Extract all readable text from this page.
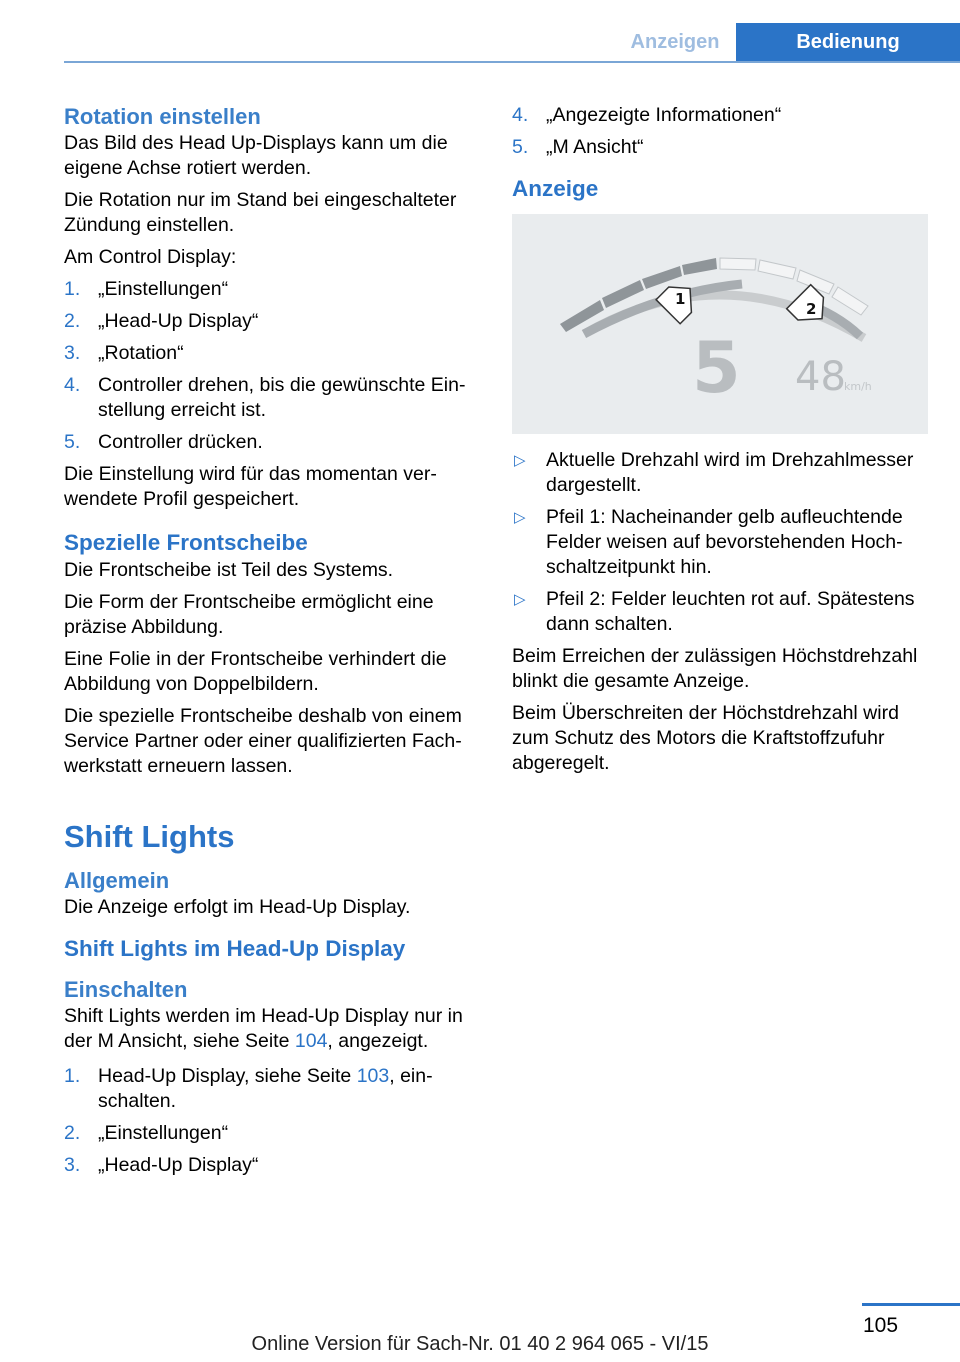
Anzeigen	Bedienung
Rotation einstellen

Das Bild des Head Up-Displays kann um die eigene Achse rotiert werden.

Die Rotation nur im Stand bei eingeschalteter Zündung einstellen.

Am Control Display:

1. „Einstellungen“
2. „Head-Up Display“
3. „Rotation“
4. Controller drehen, bis die gewünschte Einstellung erreicht ist.
5. Controller drücken.

Die Einstellung wird für das momentan verwendete Profil gespeichert.

Spezielle Frontscheibe

Die Frontscheibe ist Teil des Systems.

Die Form der Frontscheibe ermöglicht eine präzise Abbildung.

Eine Folie in der Frontscheibe verhindert die Abbildung von Doppelbildern.

Die spezielle Frontscheibe deshalb von einem Service Partner oder einer qualifizierten Fachwerkstatt erneuern lassen.

Shift Lights
Allgemein

Die Anzeige erfolgt im Head-Up Display.

Shift Lights im Head-Up Display
Einschalten

Shift Lights werden im Head-Up Display nur in der M Ansicht, siehe Seite 104, angezeigt.

1. Head-Up Display, siehe Seite 103, einschalten.
2. „Einstellungen“
3. „Head-Up Display“
4. „Angezeigte Informationen“
5. „M Ansicht“
Anzeige
1
2
5 48
km/h
▷ Aktuelle Drehzahl wird im Drehzahlmesser dargestellt.
▷ Pfeil 1: Nacheinander gelb aufleuchtende Felder weisen auf bevorstehenden Hochschaltzeitpunkt hin.
▷ Pfeil 2: Felder leuchten rot auf. Spätestens dann schalten.

Beim Erreichen der zulässigen Höchstdrehzahl blinkt die gesamte Anzeige.

Beim Überschreiten der Höchstdrehzahl wird zum Schutz des Motors die Kraftstoffzufuhr abgeregelt.

105
Online Version für Sach-Nr. 01 40 2 964 065 - VI/15
